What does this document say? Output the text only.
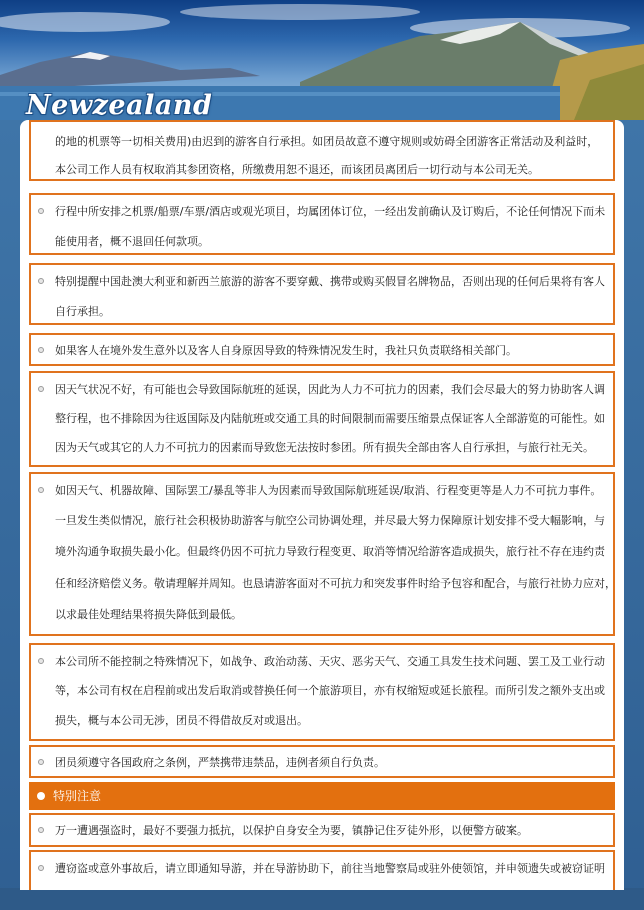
的地的机票等一切相关费用)由迟到的游客自行承担。如团员故意不遵守规则或妨碍全团游客正常活动及利益时，
本公司工作人员有权取消其参团资格，所缴费用恕不退还，而该团员离团后一切行动与本公司无关。
行程中所安排之机票/船票/车票/酒店或观光项目，均属团体订位，一经出发前确认及订购后，不论任何情况下而未
能使用者，概不退回任何款项。
特别提醒中国赴澳大利亚和新西兰旅游的游客不要穿戴、携带或购买假冒名牌物品，否则出现的任何后果将有客人
自行承担。
如果客人在境外发生意外以及客人自身原因导致的特殊情况发生时，我社只负责联络相关部门。
因天气状况不好，有可能也会导致国际航班的延误，因此为人力不可抗力的因素，我们会尽最大的努力协助客人调
整行程，也不排除因为往返国际及内陆航班或交通工具的时间限制而需要压缩景点保证客人全部游览的可能性。如
因为天气或其它的人力不可抗力的因素而导致您无法按时参团。所有损失全部由客人自行承担，与旅行社无关。
如因天气、机器故障、国际罢工/暴乱等非人为因素而导致国际航班延误/取消、行程变更等是人力不可抗力事件。
一旦发生类似情况，旅行社会积极协助游客与航空公司协调处理，并尽最大努力保障原计划安排不受大幅影响，与
境外沟通争取损失最小化。但最终仍因不可抗力导致行程变更、取消等情况给游客造成损失，旅行社不存在违约责
任和经济赔偿义务。敬请理解并周知。也恳请游客面对不可抗力和突发事件时给予包容和配合，与旅行社协力应对，
以求最佳处理结果将损失降低到最低。
本公司所不能控制之特殊情况下，如战争、政治动荡、天灾、恶劣天气、交通工具发生技术问题、罢工及工业行动
等，本公司有权在启程前或出发后取消或替换任何一个旅游项目，亦有权缩短或延长旅程。而所引发之额外支出或
损失，概与本公司无涉，团员不得借故反对或退出。
团员须遵守各国政府之条例，严禁携带违禁品，违例者须自行负责。
特别注意
万一遭遇强盗时，最好不要强力抵抗，以保护自身安全为要，镇静记住歹徒外形，以便警方破案。
遭窃盗或意外事故后，请立即通知导游，并在导游协助下，前往当地警察局或驻外使领馆，并申领遗失或被窃证明
Newzealand
